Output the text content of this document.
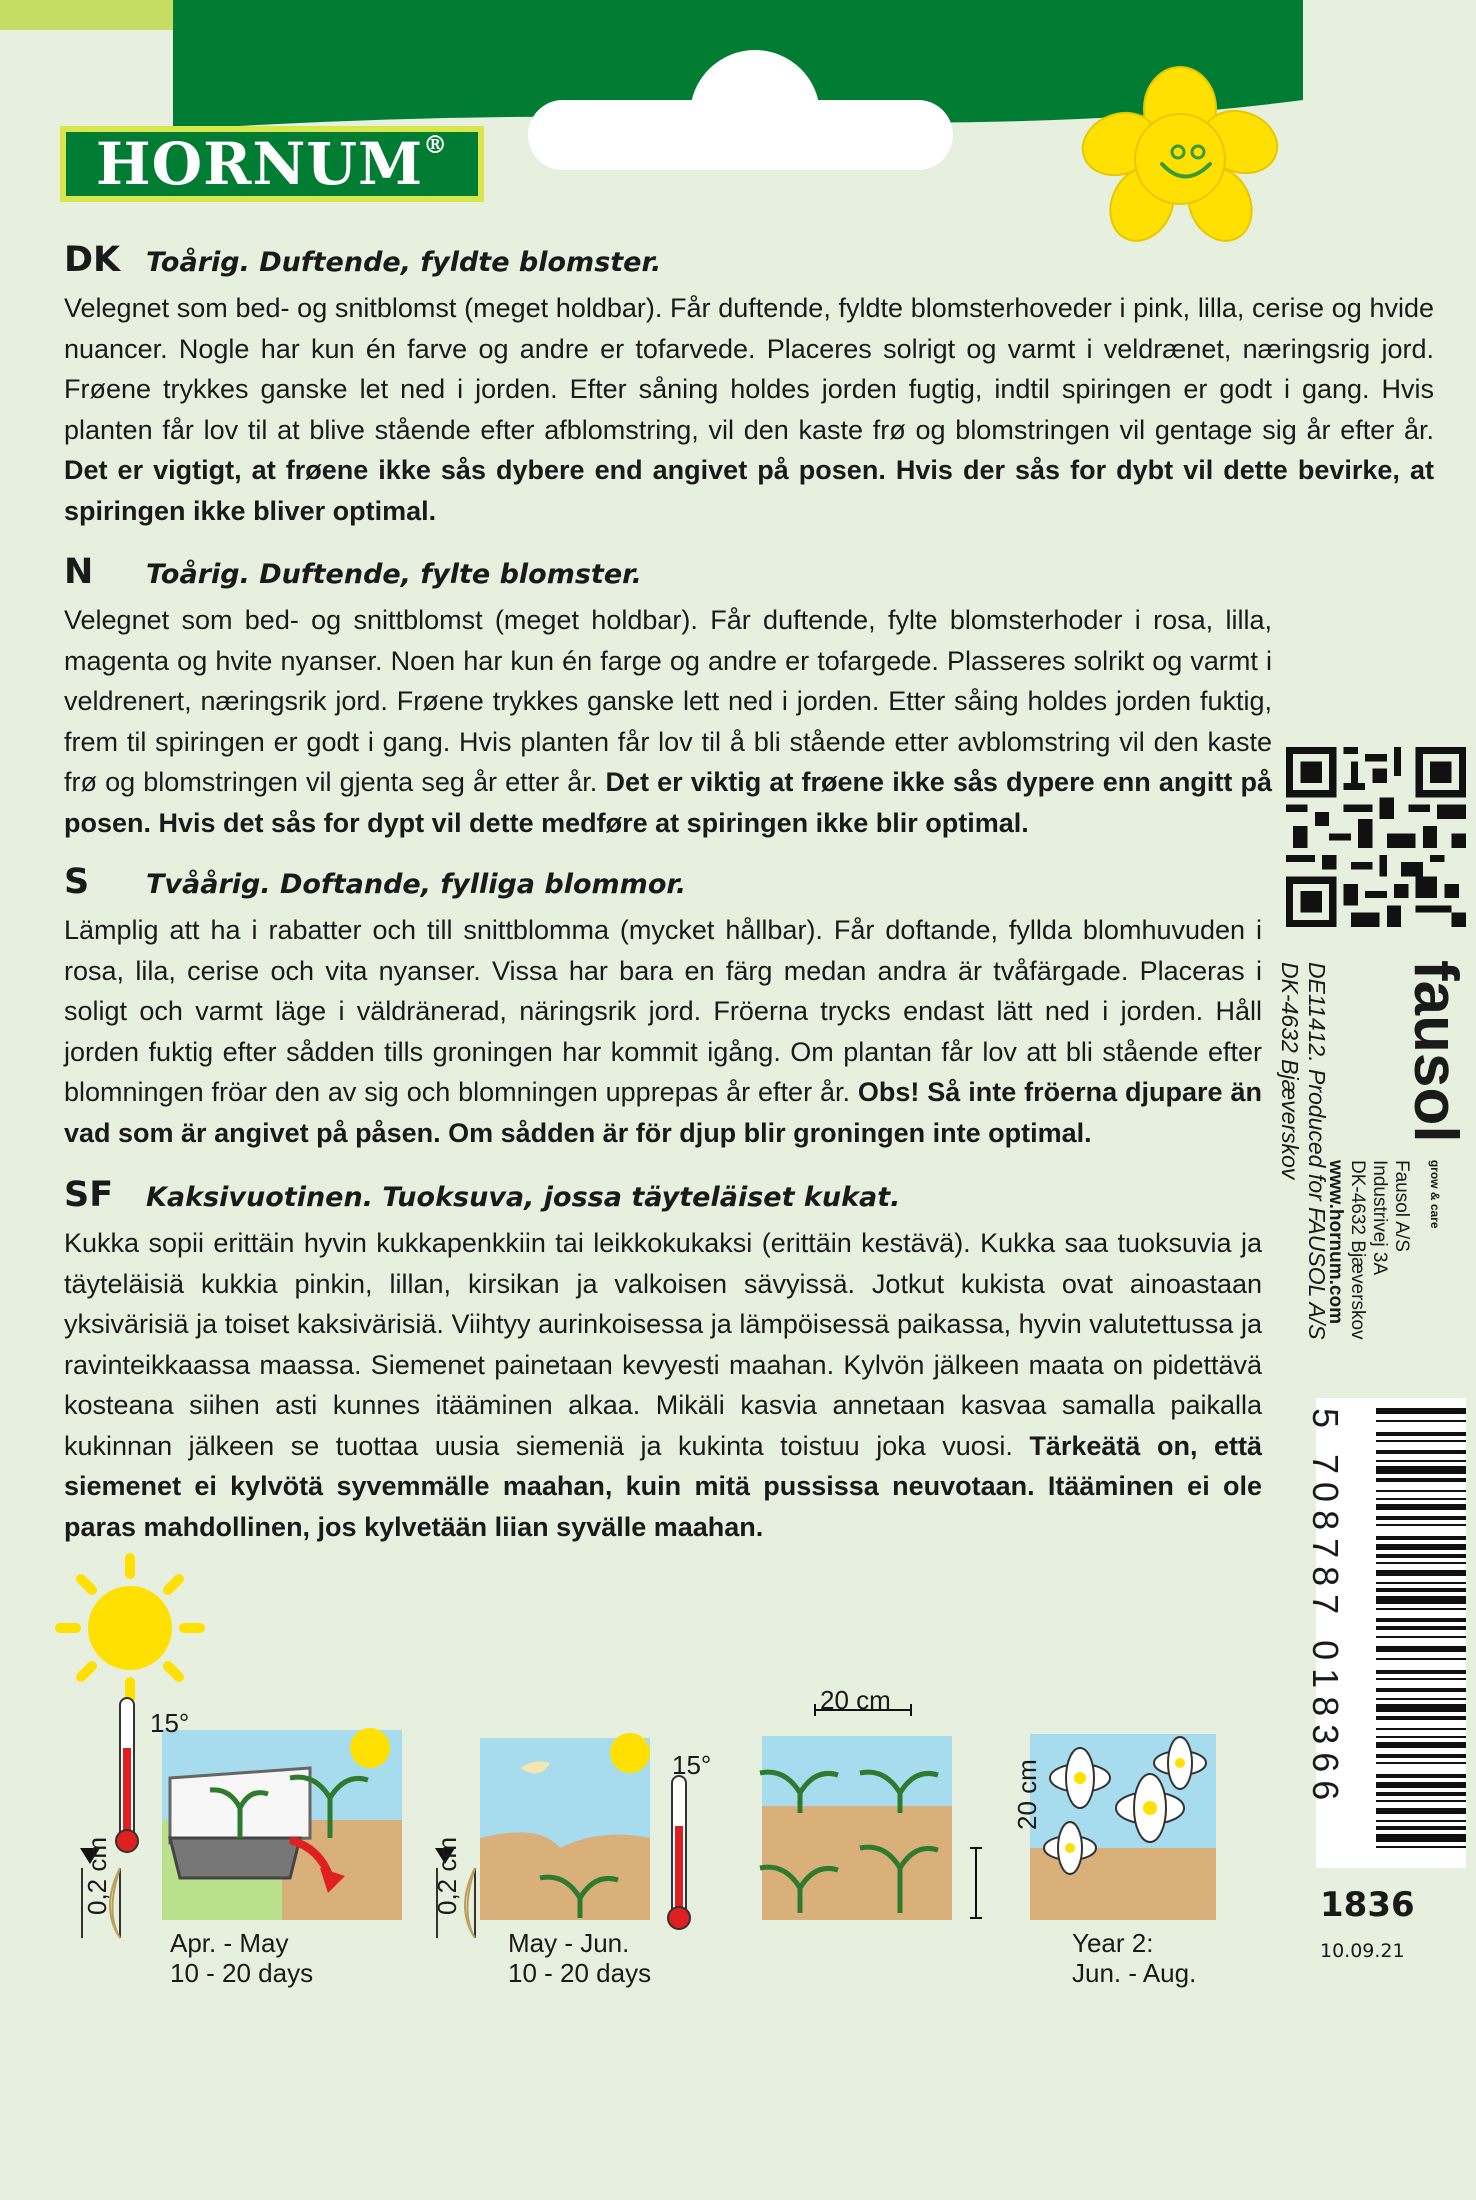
HORNUM®
DK Toårig. Duftende, fyldte blomster.
Velegnet som bed- og snitblomst (meget holdbar). Får duftende, fyldte blomsterhoveder i pink, lilla, cerise og hvide nuancer. Nogle har kun én farve og andre er tofarvede. Placeres solrigt og varmt i veldrænet, næringsrig jord. Frøene trykkes ganske let ned i jorden. Efter såning holdes jorden fugtig, indtil spiringen er godt i gang. Hvis planten får lov til at blive stående efter afblomstring, vil den kaste frø og blomstringen vil gentage sig år efter år. Det er vigtigt, at frøene ikke sås dybere end angivet på posen. Hvis der sås for dybt vil dette bevirke, at spiringen ikke bliver optimal.
N	Toårig. Duftende, fylte blomster.
Velegnet som bed- og snittblomst (meget holdbar). Får duftende, fylte blomsterhoder i rosa, lilla, magenta og hvite nyanser. Noen har kun én farge og andre er tofargede. Plasseres solrikt og varmt i veldrenert, næringsrik jord. Frøene trykkes ganske lett ned i jorden. Etter såing holdes jorden fuktig, frem til spiringen er godt i gang. Hvis planten får lov til å bli stående etter avblomstring vil den kaste frø og blomstringen vil gjenta seg år etter år. Det er viktig at frøene ikke sås dypere enn angitt på posen. Hvis det sås for dypt vil dette medføre at spiringen ikke blir optimal.
S	Tvåårig. Doftande, fylliga blommor.
Lämplig att ha i rabatter och till snittblomma (mycket hållbar). Får doftande, fyllda blomhuvuden i rosa, lila, cerise och vita nyanser. Vissa har bara en färg medan andra är tvåfärgade. Placeras i soligt och varmt läge i väldränerad, näringsrik jord. Fröerna trycks endast lätt ned i jorden. Håll jorden fuktig efter sådden tills groningen har kommit igång. Om plantan får lov att bli stående efter blomningen fröar den av sig och blomningen upprepas år efter år. Obs! Så inte fröerna djupare än vad som är angivet på påsen. Om sådden är för djup blir groningen inte optimal.
SF	Kaksivuotinen. Tuoksuva, jossa täyteläiset kukat.
Kukka sopii erittäin hyvin kukkapenkkiin tai leikkokukaksi (erittäin kestävä). Kukka saa tuoksuvia ja täyteläisiä kukkia pinkin, lillan, kirsikan ja valkoisen sävyissä. Jotkut kukista ovat ainoastaan yksivärisiä ja toiset kaksivärisiä. Viihtyy aurinkoisessa ja lämpöisessä paikassa, hyvin valutettussa ja ravinteikkaassa maassa. Siemenet painetaan kevyesti maahan. Kylvön jälkeen maata on pidettävä kosteana siihen asti kunnes itääminen alkaa. Mikäli kasvia annetaan kasvaa samalla paikalla kukinnan jälkeen se tuottaa uusia siemeniä ja kukinta toistuu joka vuosi. Tärkeätä on, että siemenet ei kylvötä syvemmälle maahan, kuin mitä pussissa neuvotaan. Itääminen ei ole paras mahdollinen, jos kylvetään liian syvälle maahan.
DE11412. Produced for FAUSOL A/S
DK-4632 Bjæverskov fausol $^{grow \& care}$
Fausol A/S
Industrivej 3A
DK-4632 Bjæverskov
www.hornum.com
5 708787 018366
1836
10.09.21
15°
15°
20 cm
20 cm
0,2 cm	0,2 cm
Apr. - May
10 - 20 days
May - Jun.
10 - 20 days
Year 2:
Jun. - Aug.
